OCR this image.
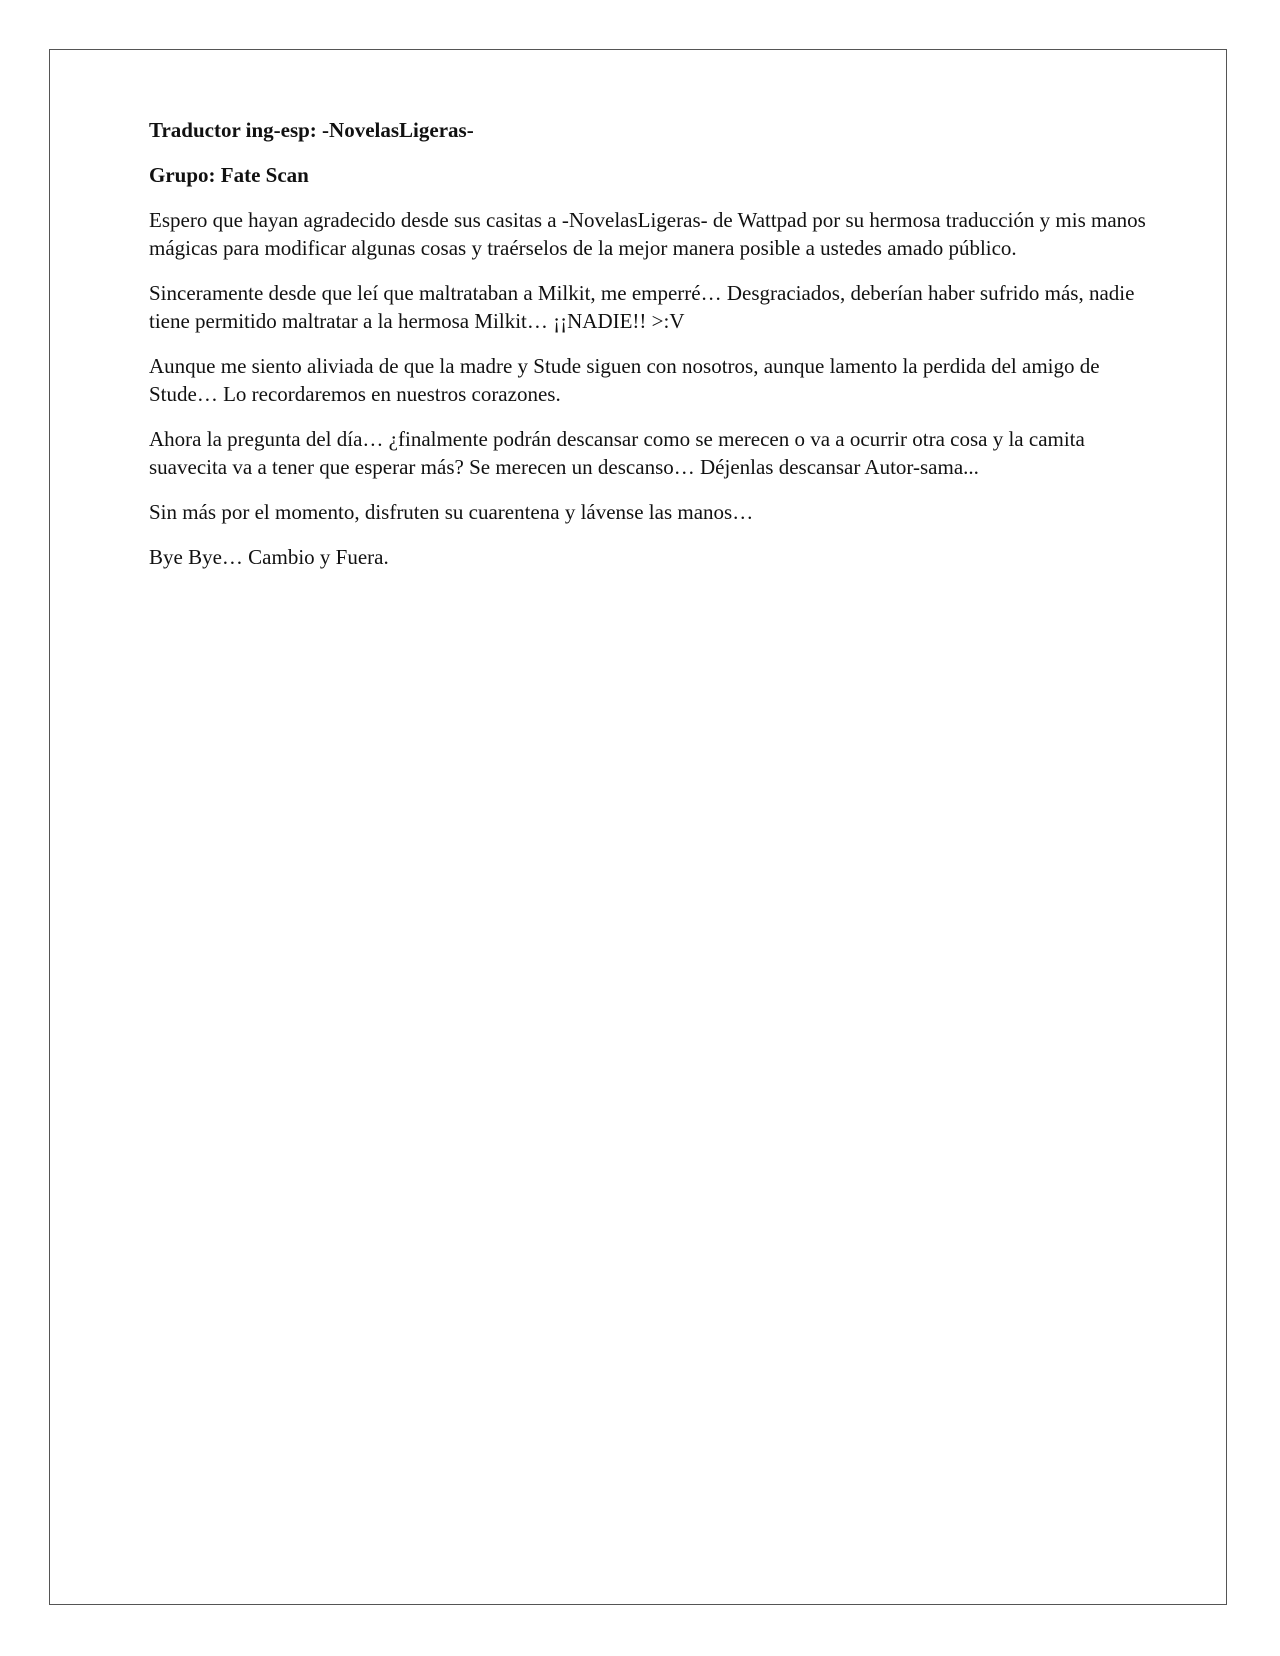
Traductor ing-esp: -NovelasLigeras-

Grupo: Fate Scan

Espero que hayan agradecido desde sus casitas a -NovelasLigeras- de Wattpad por su hermosa traducción y mis manos mágicas para modificar algunas cosas y traérselos de la mejor manera posible a ustedes amado público.

Sinceramente desde que leí que maltrataban a Milkit, me emperré… Desgraciados, deberían haber sufrido más, nadie tiene permitido maltratar a la hermosa Milkit… ¡¡NADIE!! >:V

Aunque me siento aliviada de que la madre y Stude siguen con nosotros, aunque lamento la perdida del amigo de Stude… Lo recordaremos en nuestros corazones.

Ahora la pregunta del día… ¿finalmente podrán descansar como se merecen o va a ocurrir otra cosa y la camita suavecita va a tener que esperar más? Se merecen un descanso… Déjenlas descansar Autor-sama...

Sin más por el momento, disfruten su cuarentena y lávense las manos…

Bye Bye… Cambio y Fuera.
